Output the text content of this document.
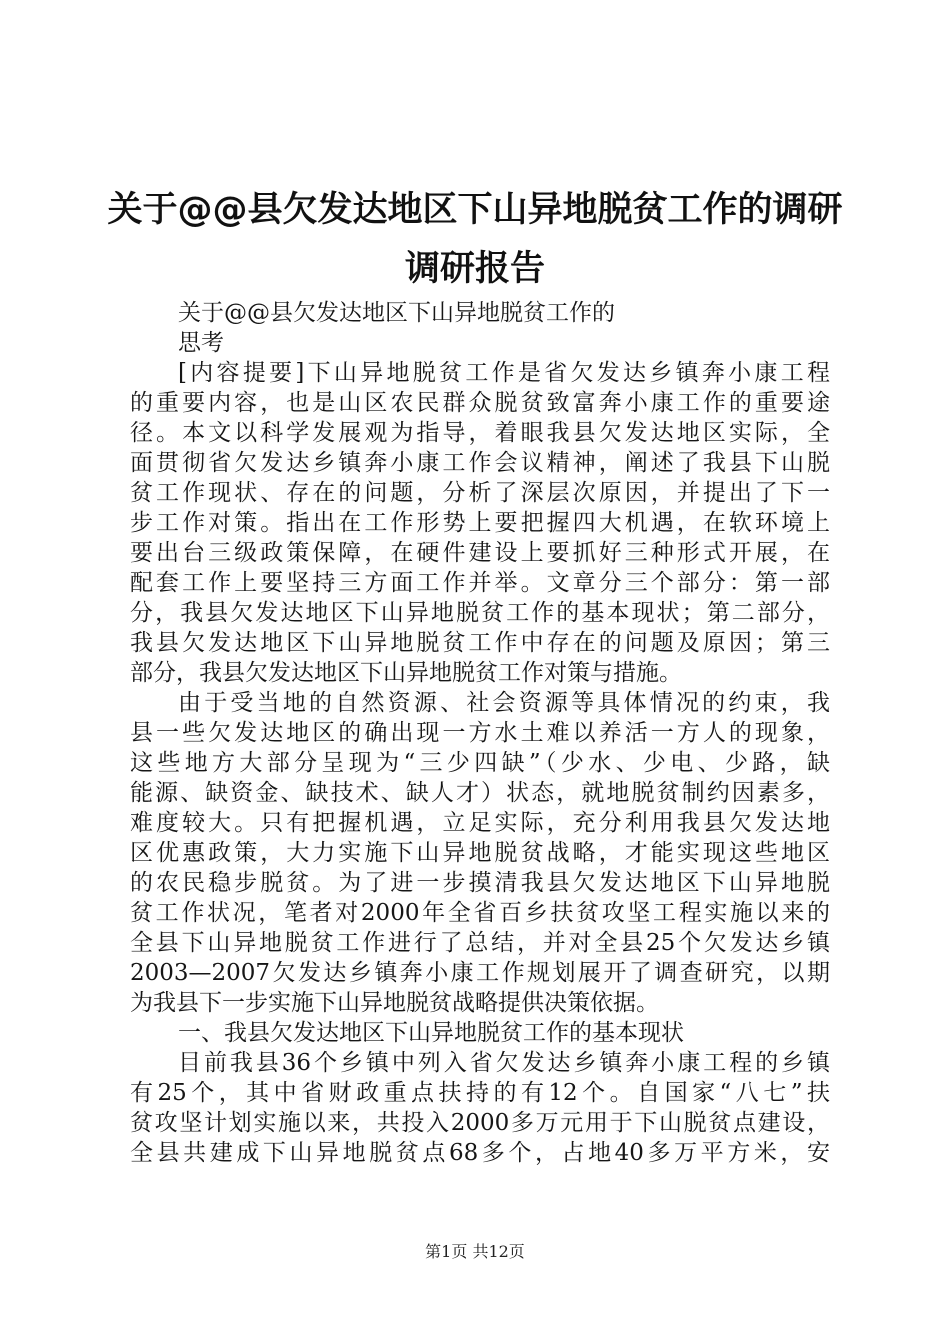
关于@@县欠发达地区下山异地脱贫工作的调研
调研报告
关于@@县欠发达地区下山异地脱贫工作的
思考
[内容提要]下山异地脱贫工作是省欠发达乡镇奔小康工程
的重要内容，也是山区农民群众脱贫致富奔小康工作的重要途
径。本文以科学发展观为指导，着眼我县欠发达地区实际，全
面贯彻省欠发达乡镇奔小康工作会议精神，阐述了我县下山脱
贫工作现状、存在的问题，分析了深层次原因，并提出了下一
步工作对策。指出在工作形势上要把握四大机遇，在软环境上
要出台三级政策保障，在硬件建设上要抓好三种形式开展，在
配套工作上要坚持三方面工作并举。文章分三个部分：第一部
分，我县欠发达地区下山异地脱贫工作的基本现状；第二部分，
我县欠发达地区下山异地脱贫工作中存在的问题及原因；第三
部分，我县欠发达地区下山异地脱贫工作对策与措施。
由于受当地的自然资源、社会资源等具体情况的约束，我
县一些欠发达地区的确出现一方水土难以养活一方人的现象，
这些地方大部分呈现为“三少四缺”（少水、少电、少路，缺
能源、缺资金、缺技术、缺人才）状态，就地脱贫制约因素多，
难度较大。只有把握机遇，立足实际，充分利用我县欠发达地
区优惠政策，大力实施下山异地脱贫战略，才能实现这些地区
的农民稳步脱贫。为了进一步摸清我县欠发达地区下山异地脱
贫工作状况，笔者对2000年全省百乡扶贫攻坚工程实施以来的
全县下山异地脱贫工作进行了总结，并对全县25个欠发达乡镇
2003—2007欠发达乡镇奔小康工作规划展开了调查研究，以期
为我县下一步实施下山异地脱贫战略提供决策依据。
一、我县欠发达地区下山异地脱贫工作的基本现状
目前我县36个乡镇中列入省欠发达乡镇奔小康工程的乡镇
有25个，其中省财政重点扶持的有12个。自国家“八七”扶
贫攻坚计划实施以来，共投入2000多万元用于下山脱贫点建设，
全县共建成下山异地脱贫点68多个，占地40多万平方米，安
第1页 共12页
